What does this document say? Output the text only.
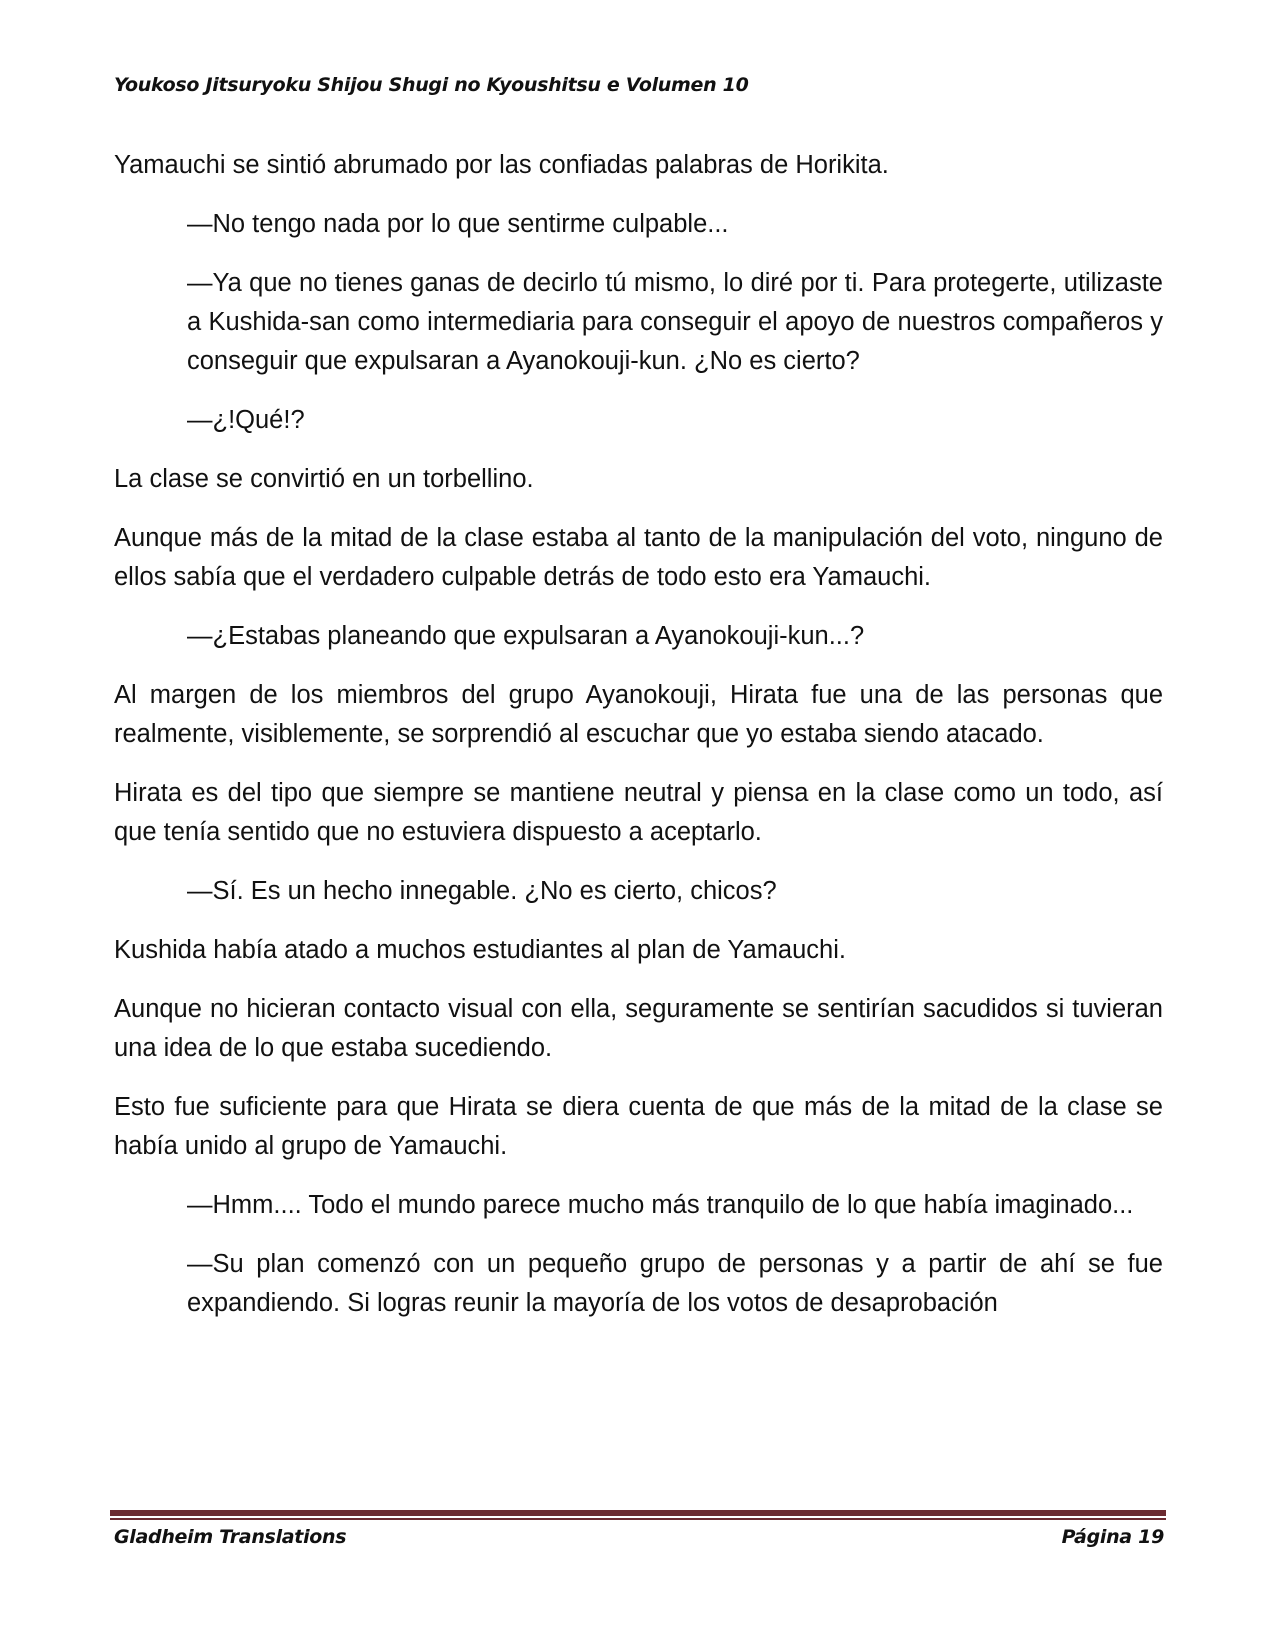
Youkoso Jitsuryoku Shijou Shugi no Kyoushitsu e Volumen 10

Yamauchi se sintió abrumado por las confiadas palabras de Horikita.

—No tengo nada por lo que sentirme culpable...

—Ya que no tienes ganas de decirlo tú mismo, lo diré por ti. Para protegerte, utilizaste a Kushida-san como intermediaria para conseguir el apoyo de nuestros compañeros y conseguir que expulsaran a Ayanokouji-kun. ¿No es cierto?

—¿!Qué!?

La clase se convirtió en un torbellino.

Aunque más de la mitad de la clase estaba al tanto de la manipulación del voto, ninguno de ellos sabía que el verdadero culpable detrás de todo esto era Yamauchi.

—¿Estabas planeando que expulsaran a Ayanokouji-kun...?

Al margen de los miembros del grupo Ayanokouji, Hirata fue una de las personas que realmente, visiblemente, se sorprendió al escuchar que yo estaba siendo atacado.

Hirata es del tipo que siempre se mantiene neutral y piensa en la clase como un todo, así que tenía sentido que no estuviera dispuesto a aceptarlo.

—Sí. Es un hecho innegable. ¿No es cierto, chicos?

Kushida había atado a muchos estudiantes al plan de Yamauchi.

Aunque no hicieran contacto visual con ella, seguramente se sentirían sacudidos si tuvieran una idea de lo que estaba sucediendo.

Esto fue suficiente para que Hirata se diera cuenta de que más de la mitad de la clase se había unido al grupo de Yamauchi.

—Hmm.... Todo el mundo parece mucho más tranquilo de lo que había imaginado...

—Su plan comenzó con un pequeño grupo de personas y a partir de ahí se fue expandiendo. Si logras reunir la mayoría de los votos de desaprobación

Gladheim Translations	Página 19
